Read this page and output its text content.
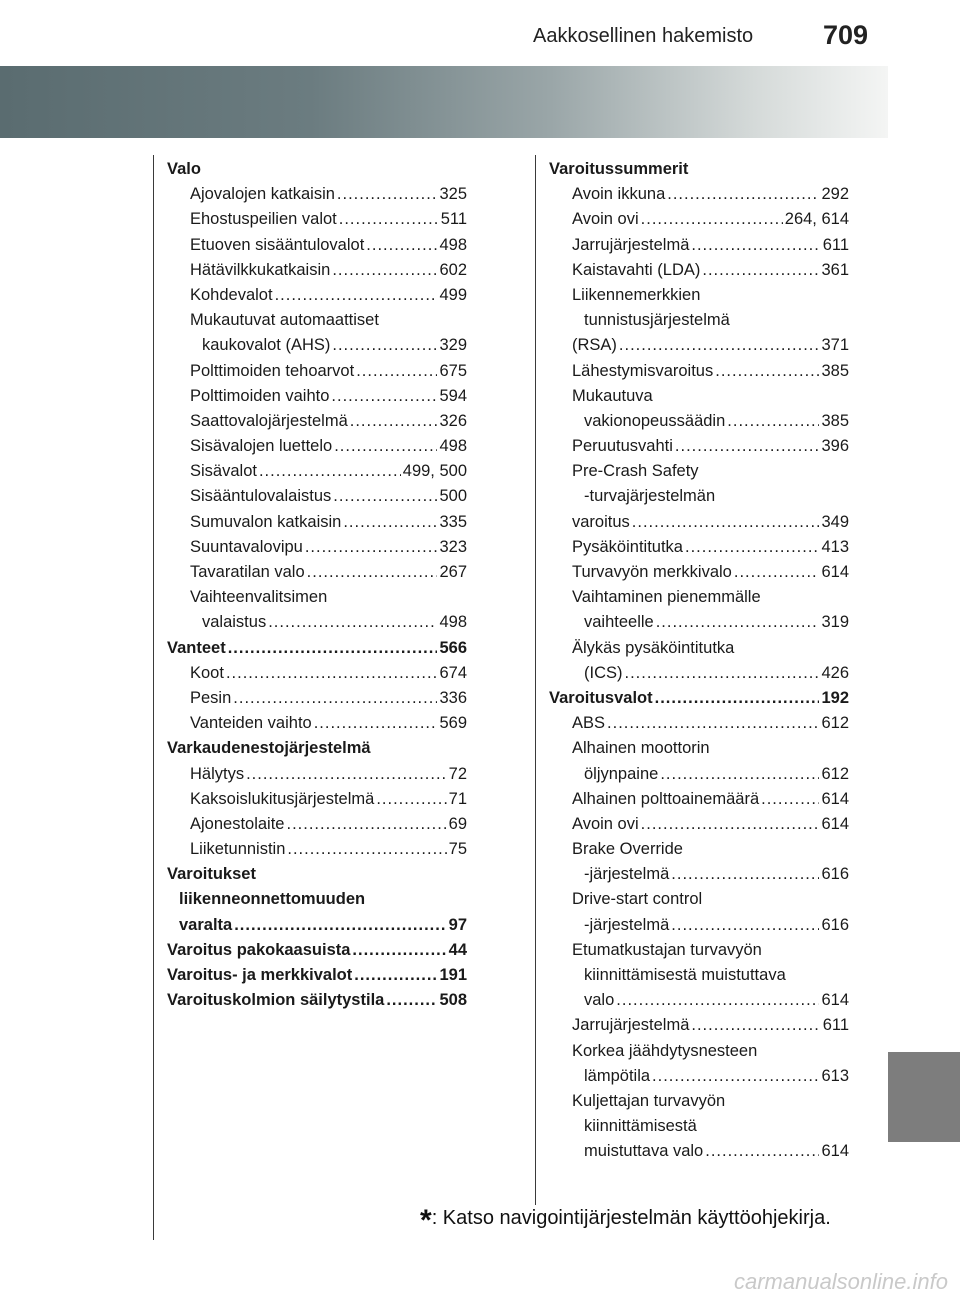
Aakkosellinen hakemisto	709
Valo
Ajovalojen katkaisin .....	325
Ehostuspeilien valot .....	511
Etuoven sisääntulovalot .....	498
Hätävilkkukatkaisin .....	602
Kohdevalot .....	499
Mukautuvat automaattiset
kaukovalot (AHS) .....	329
Polttimoiden tehoarvot .....	675
Polttimoiden vaihto .....	594
Saattovalojärjestelmä .....	326
Sisävalojen luettelo .....	498
Sisävalot .....	499, 500
Sisääntulovalaistus .....	500
Sumuvalon katkaisin .....	335
Suuntavalovipu .....	323
Tavaratilan valo .....	267
Vaihteenvalitsimen
valaistus .....	498
Vanteet .....	566
Koot .....	674
Pesin .....	336
Vanteiden vaihto .....	569
Varkaudenestojärjestelmä
Hälytys .....	72
Kaksoislukitusjärjestelmä .....	71
Ajonestolaite .....	69
Liiketunnistin .....	75
Varoitukset
liikenneonnettomuuden
varalta .....	97
Varoitus pakokaasuista .....	44
Varoitus- ja merkkivalot .....	191
Varoituskolmion säilytystila .....	508
Varoitussummerit
Avoin ikkuna .....	292
Avoin ovi .....	264, 614
Jarrujärjestelmä .....	611
Kaistavahti (LDA) .....	361
Liikennemerkkien
tunnistusjärjestelmä
(RSA) .....	371
Lähestymisvaroitus .....	385
Mukautuva
vakionopeussäädin .....	385
Peruutusvahti .....	396
Pre-Crash Safety
-turvajärjestelmän
varoitus .....	349
Pysäköintitutka .....	413
Turvavyön merkkivalo .....	614
Vaihtaminen pienemmälle
vaihteelle .....	319
Älykäs pysäköintitutka
(ICS) .....	426
Varoitusvalot .....	192
ABS .....	612
Alhainen moottorin
öljynpaine .....	612
Alhainen polttoainemäärä .....	614
Avoin ovi .....	614
Brake Override
-järjestelmä .....	616
Drive-start control
-järjestelmä .....	616
Etumatkustajan turvavyön
kiinnittämisestä muistuttava
valo .....	614
Jarrujärjestelmä .....	611
Korkea jäähdytysnesteen
lämpötila .....	613
Kuljettajan turvavyön
kiinnittämisestä
muistuttava valo .....	614
*: Katso navigointijärjestelmän käyttöohjekirja.
carmanualsonline.info
